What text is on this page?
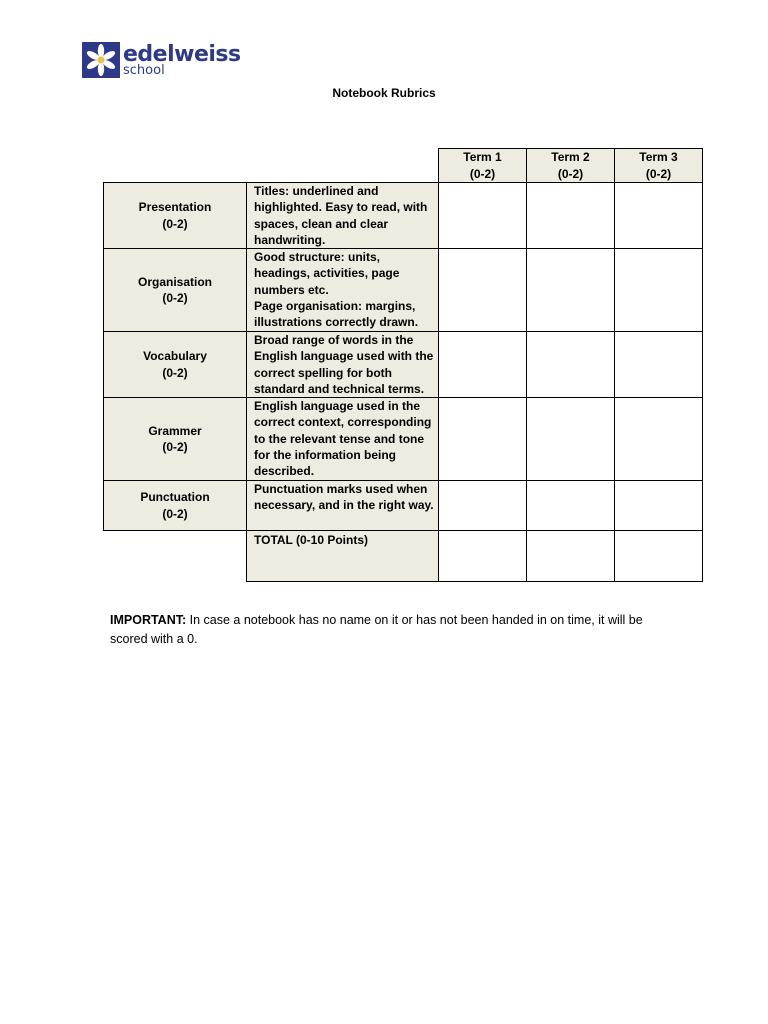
edelweiss
school
Notebook Rubrics
Term 1
(0-2)
Term 2
(0-2)
Term 3
(0-2)
Presentation
(0-2)
Titles: underlined and highlighted. Easy to read, with spaces, clean and clear handwriting.
Organisation
(0-2)
Good structure: units, headings, activities, page numbers etc.
Page organisation: margins, illustrations correctly drawn.
Vocabulary
(0-2)
Broad range of words in the English language used with the correct spelling for both standard and technical terms.
Grammer
(0-2)
English language used in the correct context, corresponding to the relevant tense and tone for the information being described.
Punctuation
(0-2)
Punctuation marks used when necessary, and in the right way.
TOTAL (0-10 Points)
IMPORTANT: In case a notebook has no name on it or has not been handed in on time, it will be scored with a 0.
